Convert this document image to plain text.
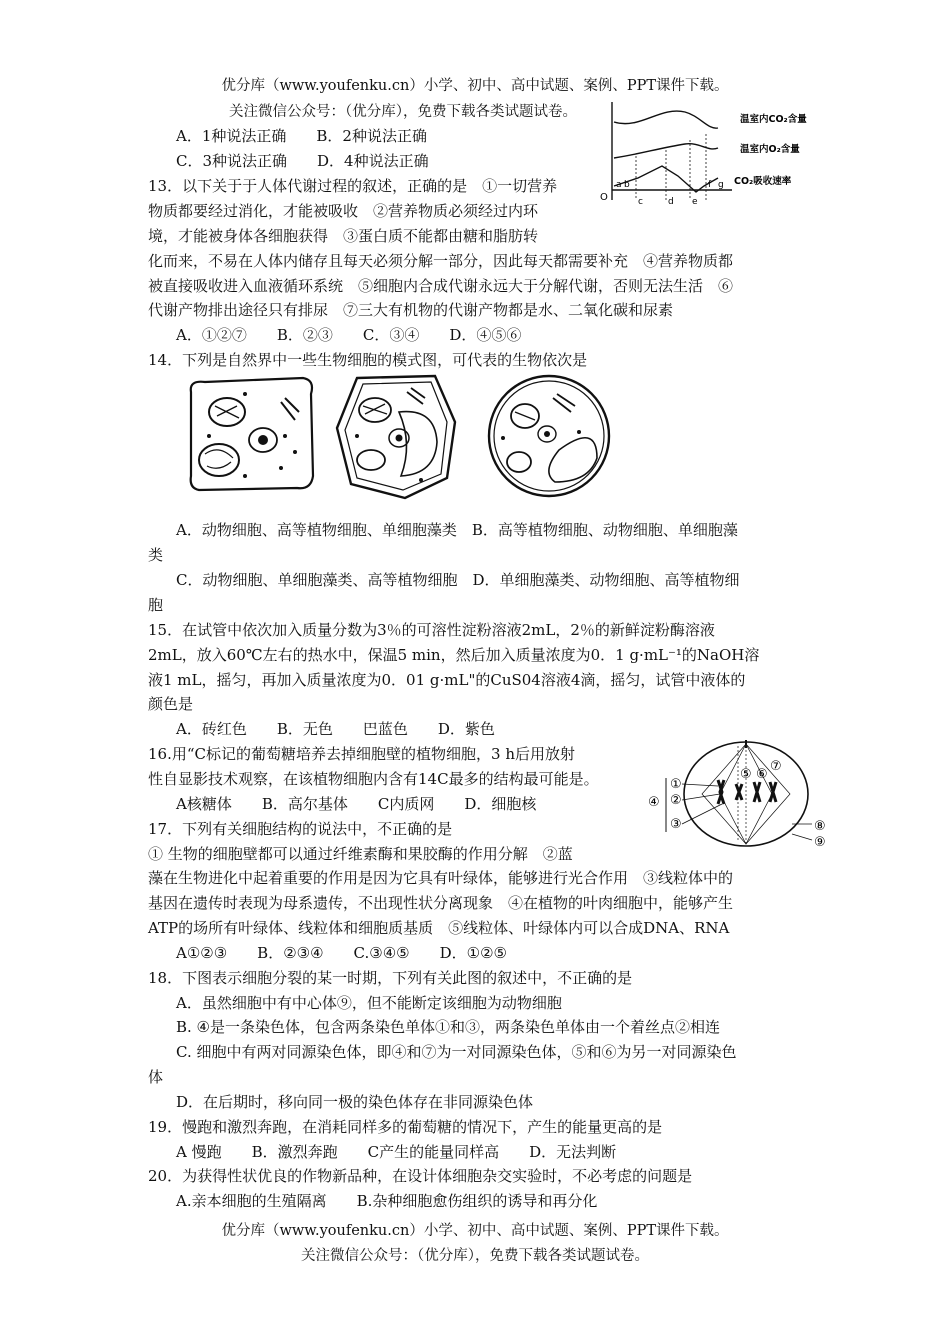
优分库（www.youfenku.cn）小学、初中、高中试题、案例、PPT课件下载。
关注微信公众号：（优分库），免费下载各类试题试卷。
O
a b
c	d e
f g
温室内CO₂含量
温室内O₂含量
CO₂吸收速率
A．1种说法正确　　B．2种说法正确
C．3种说法正确　　D．4种说法正确
13．以下关于于人体代谢过程的叙述，正确的是　①一切营养
物质都要经过消化，才能被吸收　②营养物质必须经过内环
境，才能被身体各细胞获得　③蛋白质不能都由糖和脂肪转
化而来，不易在人体内储存且每天必须分解一部分，因此每天都需要补充　④营养物质都
被直接吸收进入血液循环系统　⑤细胞内合成代谢永远大于分解代谢，否则无法生活　⑥
代谢产物排出途径只有排尿　⑦三大有机物的代谢产物都是水、二氧化碳和尿素
A．①②⑦　　B．②③　　C．③④　　D．④⑤⑥
14．下列是自然界中一些生物细胞的模式图，可代表的生物依次是
A．动物细胞、高等植物细胞、单细胞藻类　B．高等植物细胞、动物细胞、单细胞藻
类
C．动物细胞、单细胞藻类、高等植物细胞　D．单细胞藻类、动物细胞、高等植物细
胞
15．在试管中依次加入质量分数为3％的可溶性淀粉溶液2mL，2％的新鲜淀粉酶溶液
2mL，放入60℃左右的热水中，保温5 min，然后加入质量浓度为0．1 g·mL⁻¹的NaOH溶
液1 mL，摇匀，再加入质量浓度为0．01 g·mL"的CuS04溶液4滴，摇匀，试管中液体的
颜色是
A．砖红色　　B．无色　　巴蓝色　　D．紫色
16.用“C标记的葡萄糖培养去掉细胞壁的植物细胞，3 h后用放射
性自显影技术观察，在该植物细胞内含有14C最多的结构最可能是。
A核糖体　　B．高尔基体　　C内质网　　D．细胞核
①
②
③
④
⑤ ⑥
⑦
⑧
⑨
17．下列有关细胞结构的说法中，不正确的是
① 生物的细胞壁都可以通过纤维素酶和果胶酶的作用分解　②蓝
藻在生物进化中起着重要的作用是因为它具有叶绿体，能够进行光合作用　③线粒体中的
基因在遗传时表现为母系遗传，不出现性状分离现象　④在植物的叶肉细胞中，能够产生
ATP的场所有叶绿体、线粒体和细胞质基质　⑤线粒体、叶绿体内可以合成DNA、RNA
A①②③　　B．②③④　　C.③④⑤　　D．①②⑤
18．下图表示细胞分裂的某一时期，下列有关此图的叙述中，不正确的是
A．虽然细胞中有中心体⑨，但不能断定该细胞为动物细胞
B. ④是一条染色体，包含两条染色单体①和③，两条染色单体由一个着丝点②相连
C. 细胞中有两对同源染色体，即④和⑦为一对同源染色体，⑤和⑥为另一对同源染色
体
D．在后期时，移向同一极的染色体存在非同源染色体
19．慢跑和激烈奔跑，在消耗同样多的葡萄糖的情况下，产生的能量更高的是
A 慢跑　　B．激烈奔跑　　C产生的能量同样高　　D．无法判断
20．为获得性状优良的作物新品种，在设计体细胞杂交实验时，不必考虑的问题是
A.亲本细胞的生殖隔离　　B.杂种细胞愈伤组织的诱导和再分化
优分库（www.youfenku.cn）小学、初中、高中试题、案例、PPT课件下载。
关注微信公众号：（优分库），免费下载各类试题试卷。
